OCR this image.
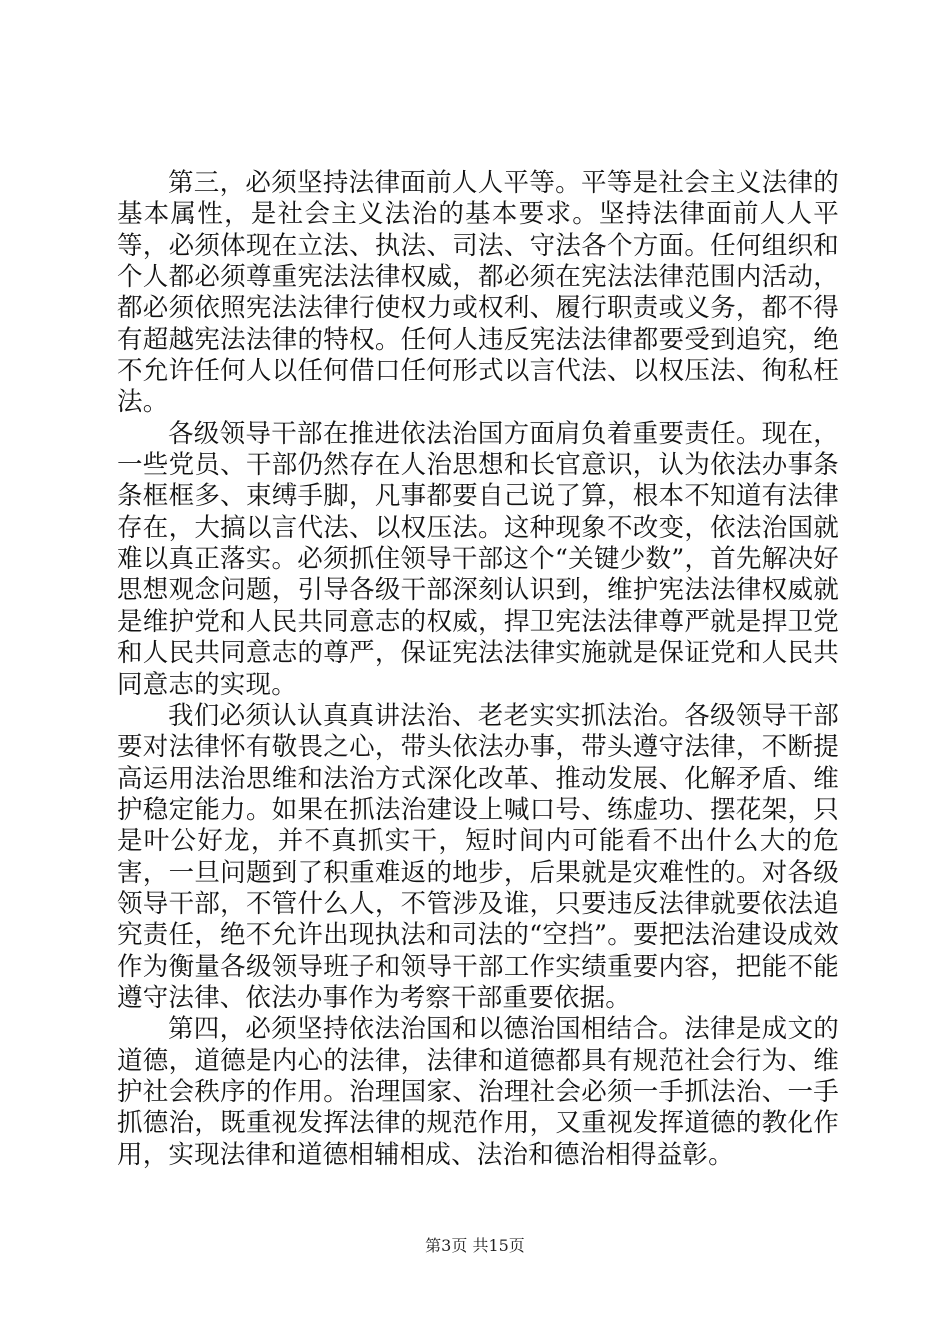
第三，必须坚持法律面前人人平等。平等是社会主义法律的基本属性，是社会主义法治的基本要求。坚持法律面前人人平等，必须体现在立法、执法、司法、守法各个方面。任何组织和个人都必须尊重宪法法律权威，都必须在宪法法律范围内活动，都必须依照宪法法律行使权力或权利、履行职责或义务，都不得有超越宪法法律的特权。任何人违反宪法法律都要受到追究，绝不允许任何人以任何借口任何形式以言代法、以权压法、徇私枉法。

各级领导干部在推进依法治国方面肩负着重要责任。现在，一些党员、干部仍然存在人治思想和长官意识，认为依法办事条条框框多、束缚手脚，凡事都要自己说了算，根本不知道有法律存在，大搞以言代法、以权压法。这种现象不改变，依法治国就难以真正落实。必须抓住领导干部这个“关键少数”，首先解决好思想观念问题，引导各级干部深刻认识到，维护宪法法律权威就是维护党和人民共同意志的权威，捍卫宪法法律尊严就是捍卫党和人民共同意志的尊严，保证宪法法律实施就是保证党和人民共同意志的实现。

我们必须认认真真讲法治、老老实实抓法治。各级领导干部要对法律怀有敬畏之心，带头依法办事，带头遵守法律，不断提高运用法治思维和法治方式深化改革、推动发展、化解矛盾、维护稳定能力。如果在抓法治建设上喊口号、练虚功、摆花架，只是叶公好龙，并不真抓实干，短时间内可能看不出什么大的危害，一旦问题到了积重难返的地步，后果就是灾难性的。对各级领导干部，不管什么人，不管涉及谁，只要违反法律就要依法追究责任，绝不允许出现执法和司法的“空挡”。要把法治建设成效作为衡量各级领导班子和领导干部工作实绩重要内容，把能不能遵守法律、依法办事作为考察干部重要依据。

第四，必须坚持依法治国和以德治国相结合。法律是成文的道德，道德是内心的法律，法律和道德都具有规范社会行为、维护社会秩序的作用。治理国家、治理社会必须一手抓法治、一手抓德治，既重视发挥法律的规范作用，又重视发挥道德的教化作用，实现法律和道德相辅相成、法治和德治相得益彰。

第3页 共15页
